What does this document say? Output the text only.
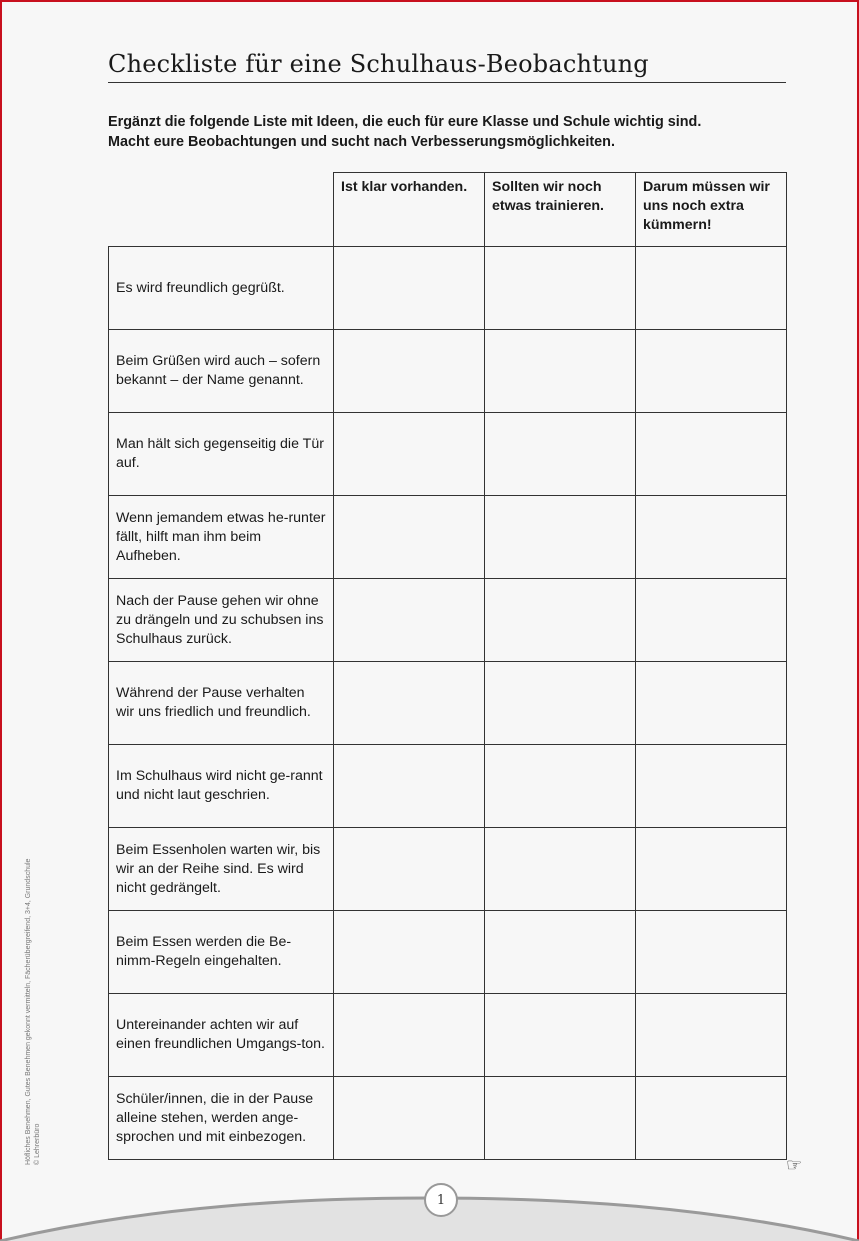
Checkliste für eine Schulhaus-Beobachtung
Ergänzt die folgende Liste mit Ideen, die euch für eure Klasse und Schule wichtig sind.
Macht eure Beobachtungen und sucht nach Verbesserungsmöglichkeiten.
	Ist klar vorhanden.	Sollten wir noch etwas trainieren.	Darum müssen wir uns noch extra kümmern!
Es wird freundlich gegrüßt.			
Beim Grüßen wird auch – sofern bekannt – der Name genannt.			
Man hält sich gegenseitig die Tür auf.			
Wenn jemandem etwas he-runter fällt, hilft man ihm beim Aufheben.			
Nach der Pause gehen wir ohne zu drängeln und zu schubsen ins Schulhaus zurück.			
Während der Pause verhalten wir uns friedlich und freundlich.			
Im Schulhaus wird nicht ge-rannt und nicht laut geschrien.			
Beim Essenholen warten wir, bis wir an der Reihe sind. Es wird nicht gedrängelt.			
Beim Essen werden die Be-nimm-Regeln eingehalten.			
Untereinander achten wir auf einen freundlichen Umgangs-ton.			
Schüler/innen, die in der Pause alleine stehen, werden ange-sprochen und mit einbezogen.			
☞
Höfliches Benehmen, Gutes Benehmen gekonnt vermitteln, Fächerübergreifend, 3+4, Grundschule © Lehrerbüro
1
